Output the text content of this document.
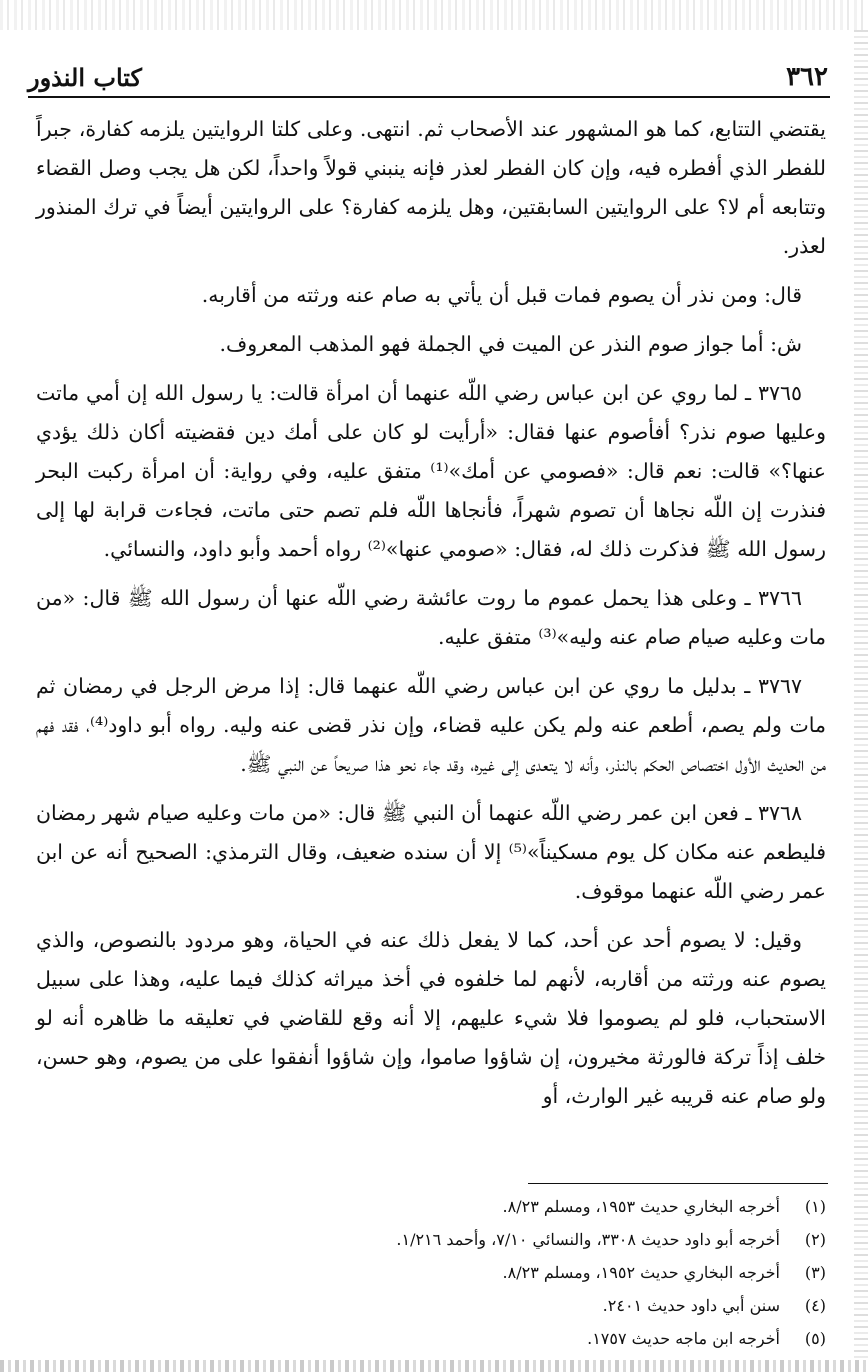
٣٦٢
كتاب النذور

يقتضي التتابع، كما هو المشهور عند الأصحاب ثم. انتهى. وعلى كلتا الروايتين يلزمه كفارة، جبراً للفطر الذي أفطره فيه، وإن كان الفطر لعذر فإنه ينبني قولاً واحداً، لكن هل يجب وصل القضاء وتتابعه أم لا؟ على الروايتين السابقتين، وهل يلزمه كفارة؟ على الروايتين أيضاً في ترك المنذور لعذر.

قال: ومن نذر أن يصوم فمات قبل أن يأتي به صام عنه ورثته من أقاربه.

ش: أما جواز صوم النذر عن الميت في الجملة فهو المذهب المعروف.

٣٧٦٥ ـ لما روي عن ابن عباس رضي اللّه عنهما أن امرأة قالت: يا رسول الله إن أمي ماتت وعليها صوم نذر؟ أفأصوم عنها فقال: «أرأيت لو كان على أمك دين فقضيته أكان ذلك يؤدي عنها؟» قالت: نعم قال: «فصومي عن أمك»⁽¹⁾ متفق عليه، وفي رواية: أن امرأة ركبت البحر فنذرت إن اللّه نجاها أن تصوم شهراً، فأنجاها اللّه فلم تصم حتى ماتت، فجاءت قرابة لها إلى رسول الله ﷺ فذكرت ذلك له، فقال: «صومي عنها»⁽²⁾ رواه أحمد وأبو داود، والنسائي.

٣٧٦٦ ـ وعلى هذا يحمل عموم ما روت عائشة رضي اللّه عنها أن رسول الله ﷺ قال: «من مات وعليه صيام صام عنه وليه»⁽³⁾ متفق عليه.

٣٧٦٧ ـ بدليل ما روي عن ابن عباس رضي اللّه عنهما قال: إذا مرض الرجل في رمضان ثم مات ولم يصم، أطعم عنه ولم يكن عليه قضاء، وإن نذر قضى عنه وليه. رواه أبو داود⁽⁴⁾، فقد فهم من الحديث الأول اختصاص الحكم بالنذر، وأنه لا يتعدى إلى غيره، وقد جاء نحو هذا صريحاً عن النبي ﷺ.

٣٧٦٨ ـ فعن ابن عمر رضي اللّه عنهما أن النبي ﷺ قال: «من مات وعليه صيام شهر رمضان فليطعم عنه مكان كل يوم مسكيناً»⁽⁵⁾ إلا أن سنده ضعيف، وقال الترمذي: الصحيح أنه عن ابن عمر رضي اللّه عنهما موقوف.

وقيل: لا يصوم أحد عن أحد، كما لا يفعل ذلك عنه في الحياة، وهو مردود بالنصوص، والذي يصوم عنه ورثته من أقاربه، لأنهم لما خلفوه في أخذ ميراثه كذلك فيما عليه، وهذا على سبيل الاستحباب، فلو لم يصوموا فلا شيء عليهم، إلا أنه وقع للقاضي في تعليقه ما ظاهره أنه لو خلف إذاً تركة فالورثة مخيرون، إن شاؤوا صاموا، وإن شاؤوا أنفقوا على من يصوم، وهو حسن، ولو صام عنه قريبه غير الوارث، أو

(١)
أخرجه البخاري حديث ١٩٥٣، ومسلم ٨/٢٣.
(٢)
أخرجه أبو داود حديث ٣٣٠٨، والنسائي ٧/١٠، وأحمد ١/٢١٦.
(٣)
أخرجه البخاري حديث ١٩٥٢، ومسلم ٨/٢٣.
(٤)
سنن أبي داود حديث ٢٤٠١.
(٥)
أخرجه ابن ماجه حديث ١٧٥٧.
